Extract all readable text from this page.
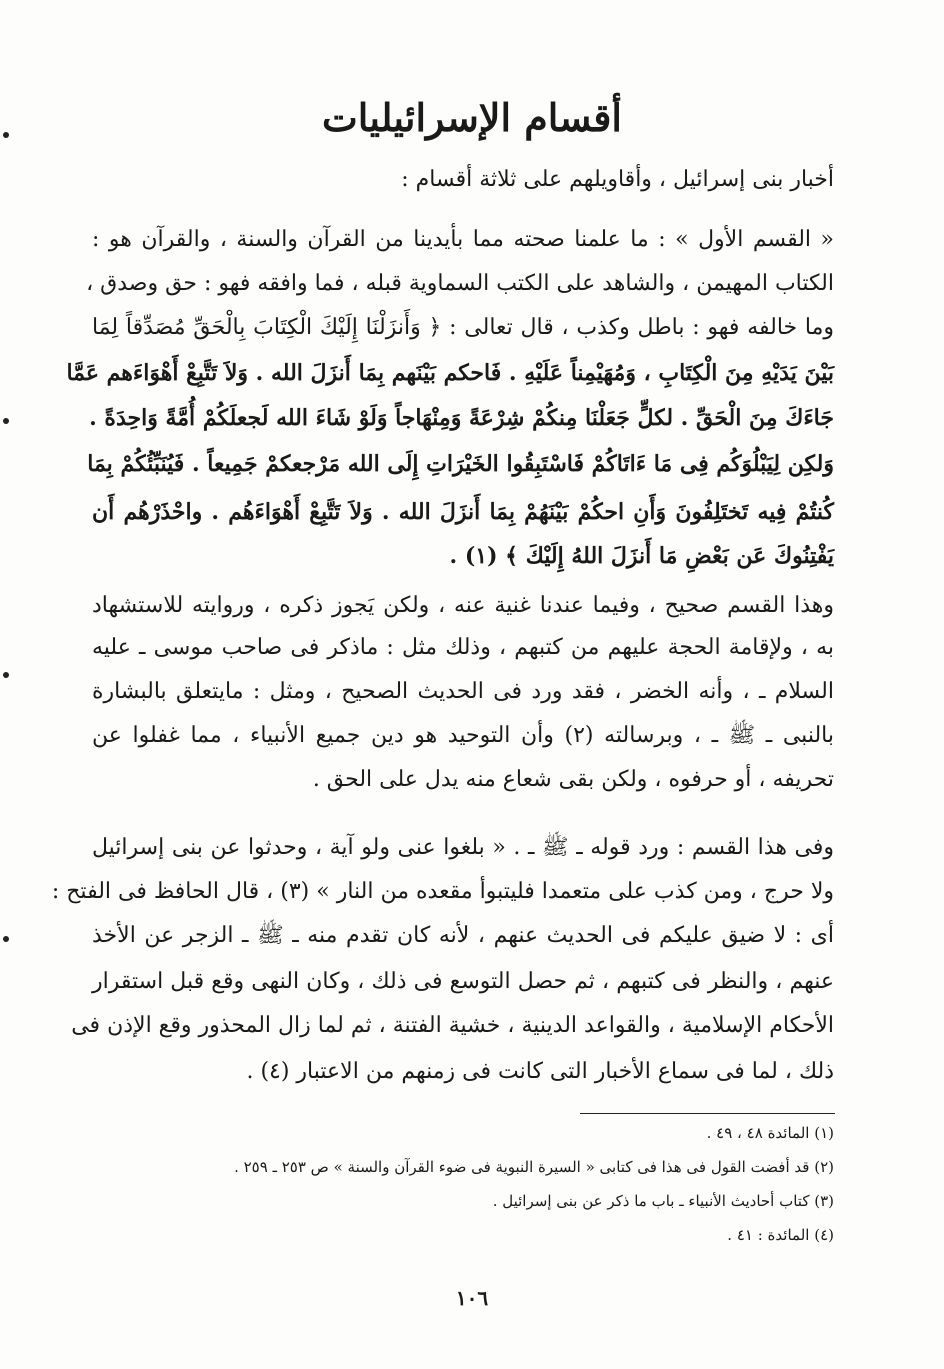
أقسام الإسرائيليات
أخبار بنى إسرائيل ، وأقاويلهم على ثلاثة أقسام :
« القسم الأول » : ما علمنا صحته مما بأيدينا من القرآن والسنة ، والقرآن هو :
الكتاب المهيمن ، والشاهد على الكتب السماوية قبله ، فما وافقه فهو : حق وصدق ،
وما خالفه فهو : باطل وكذب ، قال تعالى : ﴿ وَأَنزَلْنَا إِلَيْكَ الْكِتَابَ بِالْحَقِّ مُصَدِّقاً لِمَا
بَيْنَ يَدَيْهِ مِنَ الْكِتَابِ ، وَمُهَيْمِناً عَلَيْهِ . فَاحكم بَيْنَهم بِمَا أَنزَلَ الله . وَلاَ تَتَّبِعْ أَهْوَاءَهم عَمَّا
جَاءَكَ مِنَ الْحَقِّ . لكلٍّ جَعَلْنَا مِنكُمْ شِرْعَةً وَمِنْهَاجاً وَلَوْ شَاءَ الله لَجعلَكُمْ أُمَّةً وَاحِدَةً .
وَلكِن لِيَبْلُوَكُم فِى مَا ءَاتَاكُمْ فَاسْتَبِقُوا الخَيْرَاتِ إِلَى الله مَرْجعكمْ جَمِيعاً . فَيُنَبِّئُكُمْ بِمَا
كُنتُمْ فِيه تَختَلِفُونَ وَأَنِ احكُمْ بَيْنَهُمْ بِمَا أَنزَلَ الله . وَلاَ تَتَّبِعْ أَهْوَاءَهُم . واحْذَرْهُم أَن
يَفْتِنُوكَ عَن بَعْضِ مَا أَنزَلَ اللهُ إِلَيْكَ ﴾ (١) .
وهذا القسم صحيح ، وفيما عندنا غنية عنه ، ولكن يَجوز ذكره ، وروايته للاستشهاد
به ، ولإقامة الحجة عليهم من كتبهم ، وذلك مثل : ماذكر فى صاحب موسى ـ عليه
السلام ـ ، وأنه الخضر ، فقد ورد فى الحديث الصحيح ، ومثل : مايتعلق بالبشارة
بالنبى ـ ﷺ ـ ، وبرسالته (٢) وأن التوحيد هو دين جميع الأنبياء ، مما غفلوا عن
تحريفه ، أو حرفوه ، ولكن بقى شعاع منه يدل على الحق .
وفى هذا القسم : ورد قوله ـ ﷺ ـ . « بلغوا عنى ولو آية ، وحدثوا عن بنى إسرائيل
ولا حرج ، ومن كذب على متعمدا فليتبوأ مقعده من النار » (٣) ، قال الحافظ فى الفتح :
أى : لا ضيق عليكم فى الحديث عنهم ، لأنه كان تقدم منه ـ ﷺ ـ الزجر عن الأخذ
عنهم ، والنظر فى كتبهم ، ثم حصل التوسع فى ذلك ، وكان النهى وقع قبل استقرار
الأحكام الإسلامية ، والقواعد الدينية ، خشية الفتنة ، ثم لما زال المحذور وقع الإذن فى
ذلك ، لما فى سماع الأخبار التى كانت فى زمنهم من الاعتبار (٤) .
(١) المائدة ٤٨ ، ٤٩ .
(٢) قد أفضت القول فى هذا فى كتابى « السيرة النبوية فى ضوء القرآن والسنة » ص ٢٥٣ ـ ٢٥٩ .
(٣) كتاب أحاديث الأنبياء ـ باب ما ذكر عن بنى إسرائيل .
(٤) المائدة : ٤١ .
١٠٦
